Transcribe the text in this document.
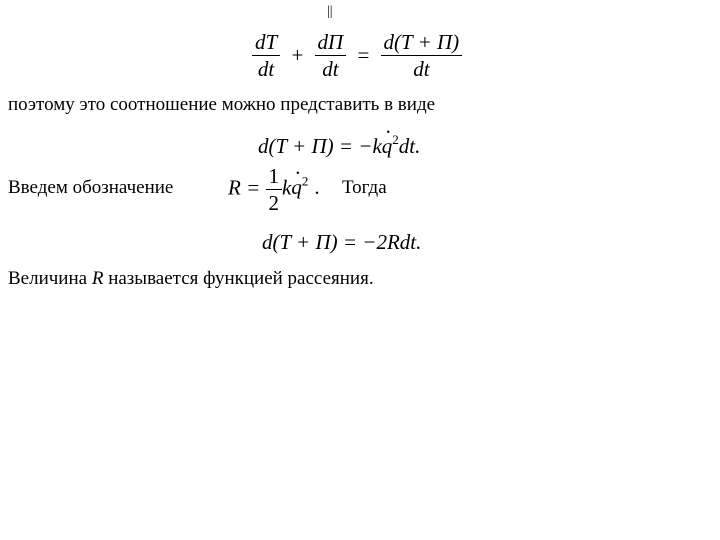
||
$\frac{dT}{dt} + \frac{d\Pi}{dt} = \frac{d(T + \Pi)}{dt}$
поэтому это соотношение можно представить в виде
$d(T + \Pi) = -k\cdot q^2dt$.
Введем обозначение	$R = \frac{1}{2} k\cdot q^2$ . Тогда
d(T + Π) = −2Rdt.
Величина R называется функцией рассеяния.
